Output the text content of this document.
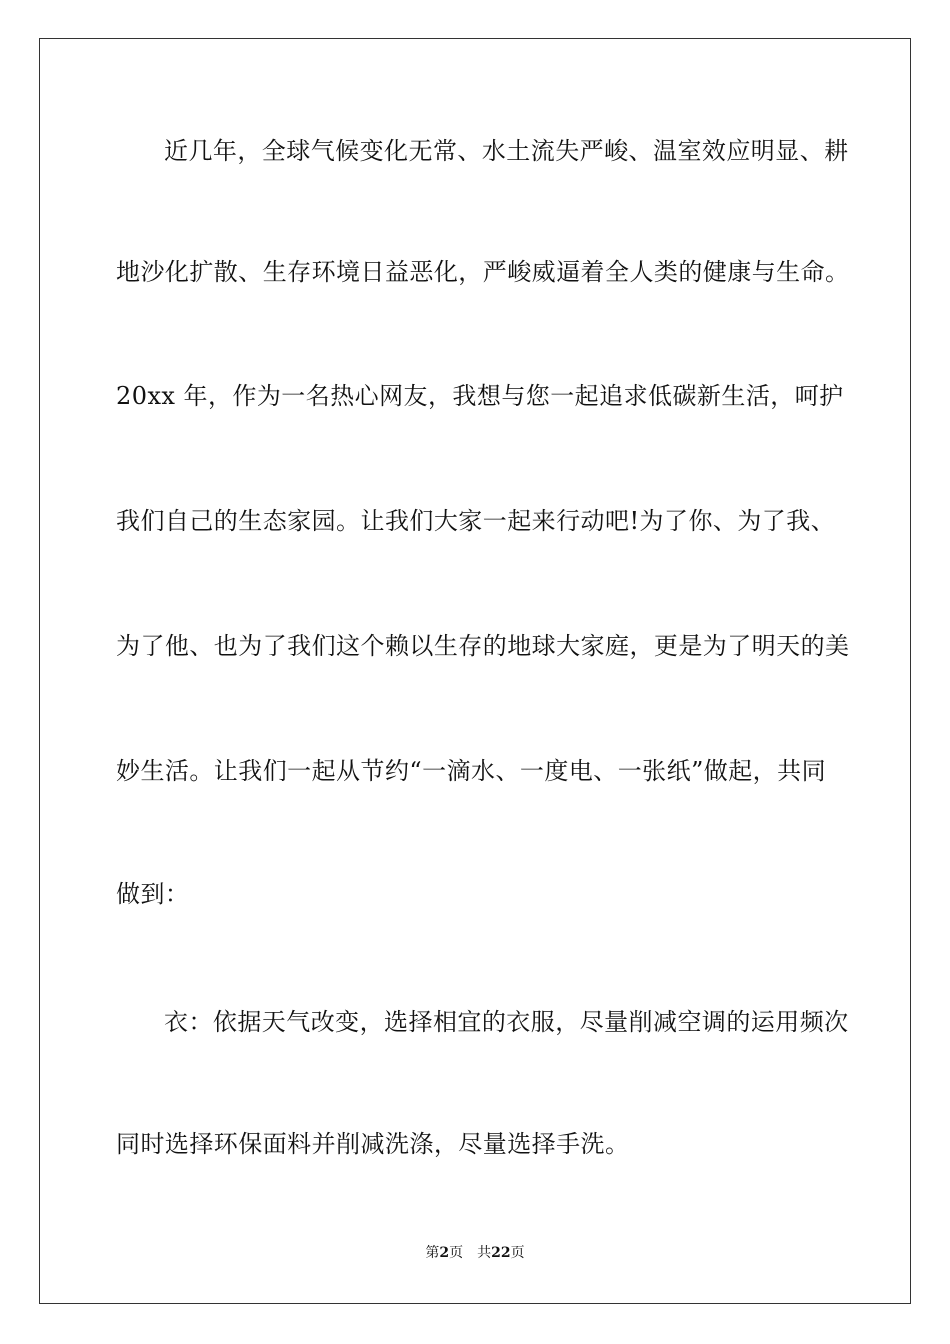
近几年，全球气候变化无常、水土流失严峻、温室效应明显、耕
地沙化扩散、生存环境日益恶化，严峻威逼着全人类的健康与生命。
20xx 年，作为一名热心网友，我想与您一起追求低碳新生活，呵护
我们自己的生态家园。让我们大家一起来行动吧!为了你、为了我、
为了他、也为了我们这个赖以生存的地球大家庭，更是为了明天的美
妙生活。让我们一起从节约“一滴水、一度电、一张纸”做起，共同
做到：
衣：依据天气改变，选择相宜的衣服，尽量削减空调的运用频次
同时选择环保面料并削减洗涤，尽量选择手洗。
第2页 共22页
